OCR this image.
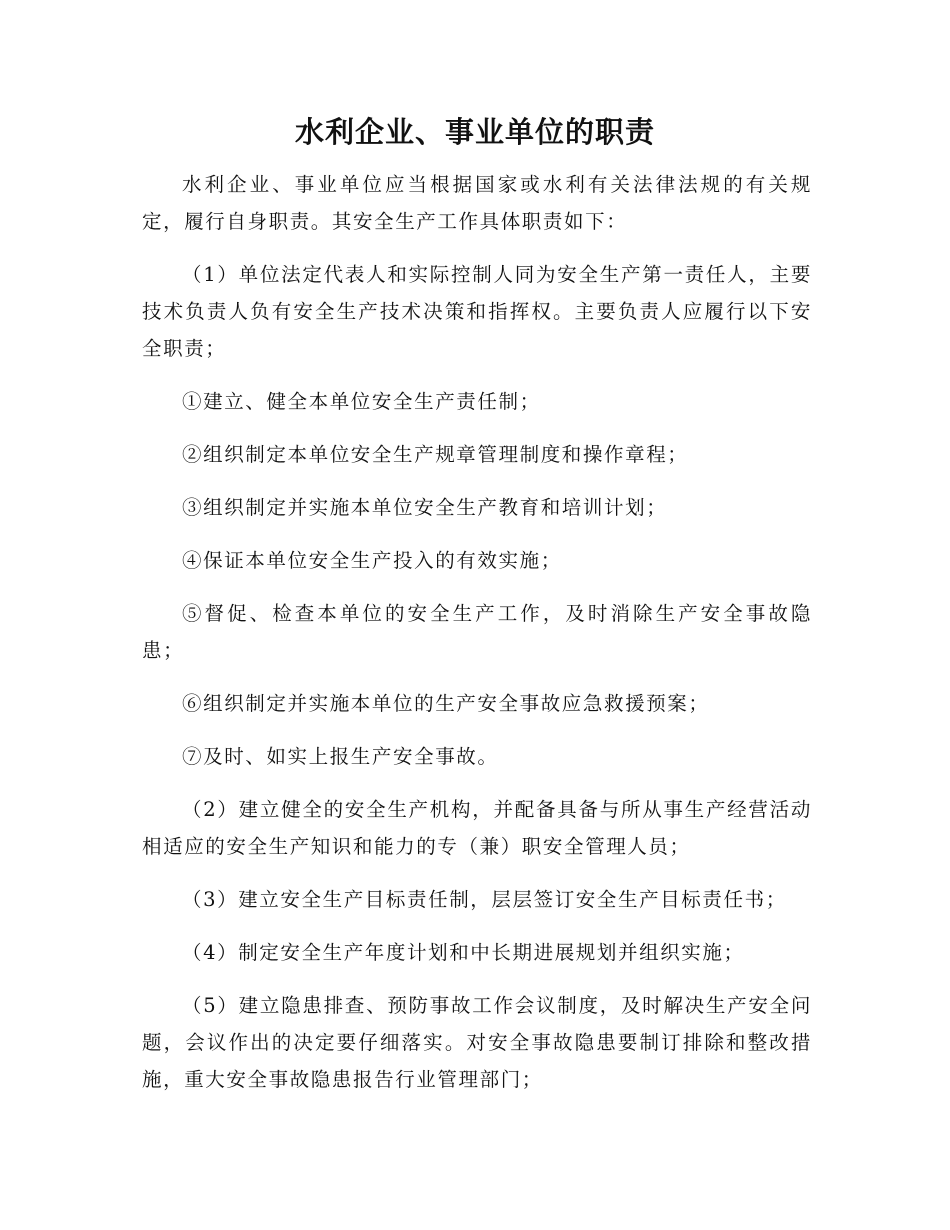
水利企业、事业单位的职责

水利企业、事业单位应当根据国家或水利有关法律法规的有关规定，履行自身职责。其安全生产工作具体职责如下：

（1）单位法定代表人和实际控制人同为安全生产第一责任人，主要技术负责人负有安全生产技术决策和指挥权。主要负责人应履行以下安全职责；

①建立、健全本单位安全生产责任制；

②组织制定本单位安全生产规章管理制度和操作章程；

③组织制定并实施本单位安全生产教育和培训计划；

④保证本单位安全生产投入的有效实施；

⑤督促、检查本单位的安全生产工作，及时消除生产安全事故隐患；

⑥组织制定并实施本单位的生产安全事故应急救援预案；

⑦及时、如实上报生产安全事故。

（2）建立健全的安全生产机构，并配备具备与所从事生产经营活动相适应的安全生产知识和能力的专（兼）职安全管理人员；

（3）建立安全生产目标责任制，层层签订安全生产目标责任书；

（4）制定安全生产年度计划和中长期进展规划并组织实施；

（5）建立隐患排查、预防事故工作会议制度，及时解决生产安全问题，会议作出的决定要仔细落实。对安全事故隐患要制订排除和整改措施，重大安全事故隐患报告行业管理部门；
